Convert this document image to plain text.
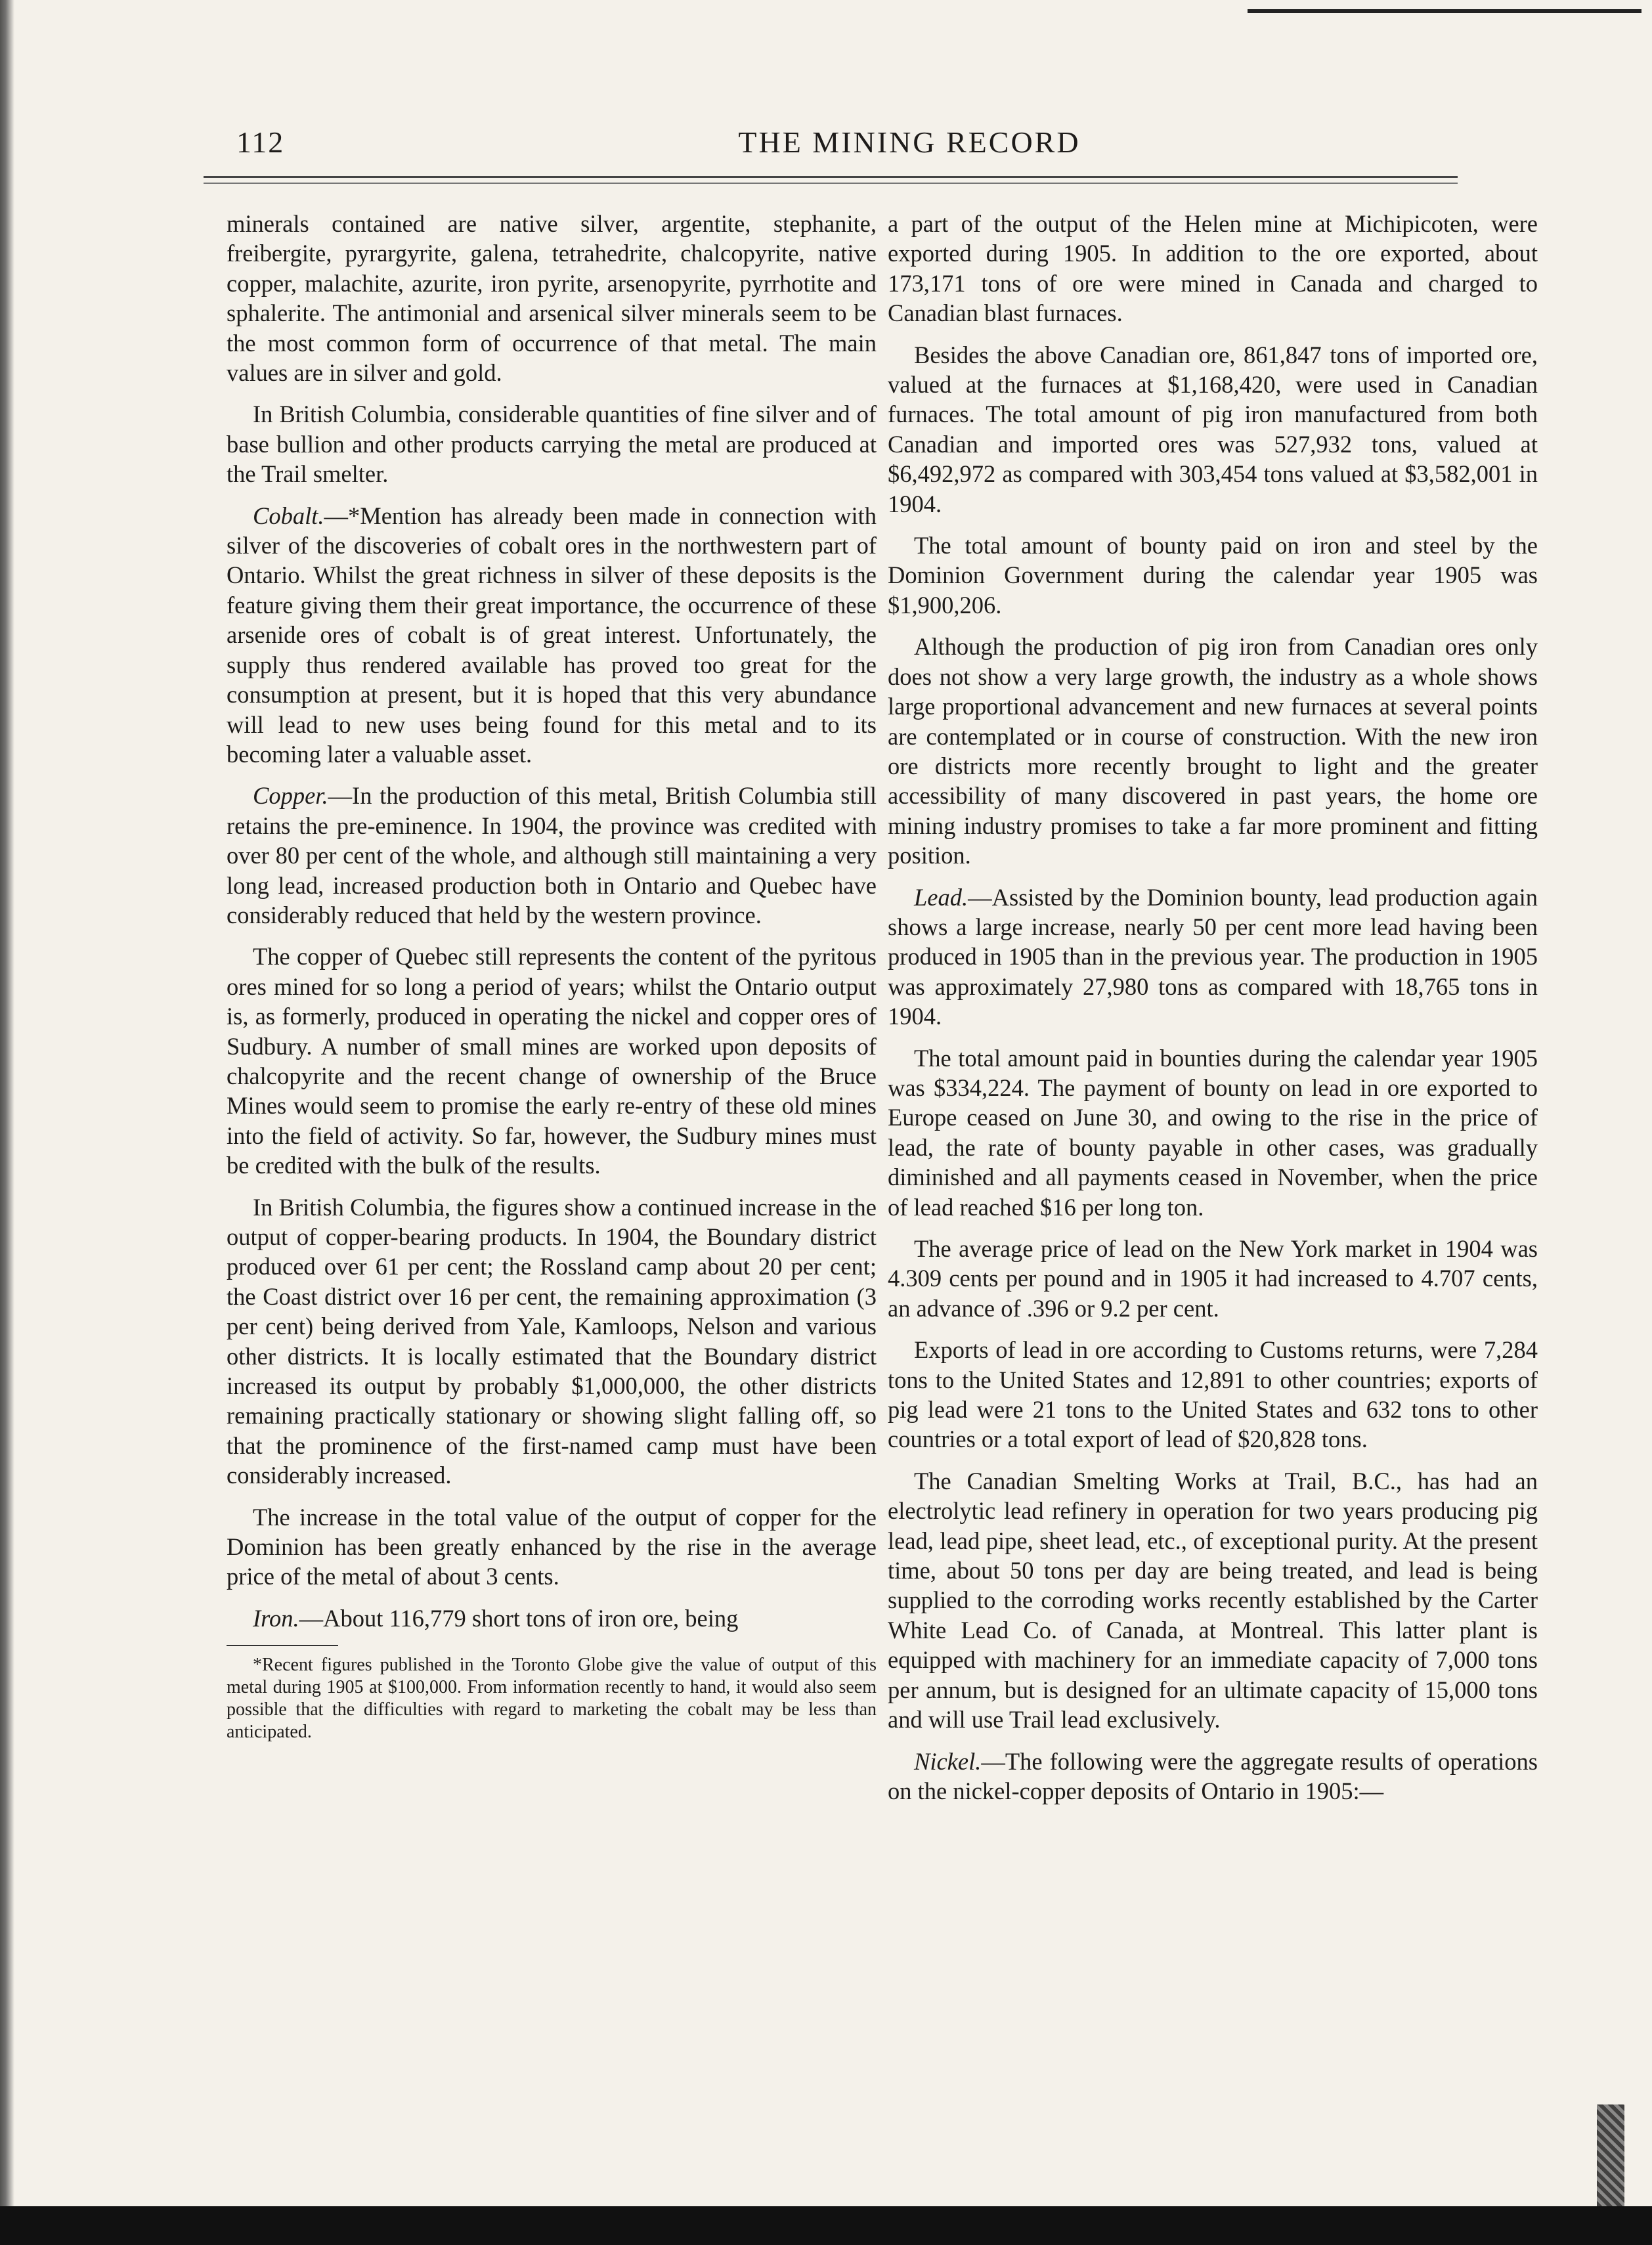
112	THE MINING RECORD

minerals contained are native silver, argentite, stephanite, freibergite, pyrargyrite, galena, tetrahedrite, chalcopyrite, native copper, malachite, azurite, iron pyrite, arsenopyrite, pyrrhotite and sphalerite. The antimonial and arsenical silver minerals seem to be the most common form of occurrence of that metal. The main values are in silver and gold.

In British Columbia, considerable quantities of fine silver and of base bullion and other products carrying the metal are produced at the Trail smelter.

Cobalt.—*Mention has already been made in connection with silver of the discoveries of cobalt ores in the northwestern part of Ontario. Whilst the great richness in silver of these deposits is the feature giving them their great importance, the occurrence of these arsenide ores of cobalt is of great interest. Unfortunately, the supply thus rendered available has proved too great for the consumption at present, but it is hoped that this very abundance will lead to new uses being found for this metal and to its becoming later a valuable asset.

Copper.—In the production of this metal, British Columbia still retains the pre-eminence. In 1904, the province was credited with over 80 per cent of the whole, and although still maintaining a very long lead, increased production both in Ontario and Quebec have considerably reduced that held by the western province.

The copper of Quebec still represents the content of the pyritous ores mined for so long a period of years; whilst the Ontario output is, as formerly, produced in operating the nickel and copper ores of Sudbury. A number of small mines are worked upon deposits of chalcopyrite and the recent change of ownership of the Bruce Mines would seem to promise the early re-entry of these old mines into the field of activity. So far, however, the Sudbury mines must be credited with the bulk of the results.

In British Columbia, the figures show a continued increase in the output of copper-bearing products. In 1904, the Boundary district produced over 61 per cent; the Rossland camp about 20 per cent; the Coast district over 16 per cent, the remaining approximation (3 per cent) being derived from Yale, Kamloops, Nelson and various other districts. It is locally estimated that the Boundary district increased its output by probably $1,000,000, the other districts remaining practically stationary or showing slight falling off, so that the prominence of the first-named camp must have been considerably increased.

The increase in the total value of the output of copper for the Dominion has been greatly enhanced by the rise in the average price of the metal of about 3 cents.

Iron.—About 116,779 short tons of iron ore, being

*Recent figures published in the Toronto Globe give the value of output of this metal during 1905 at $100,000. From information recently to hand, it would also seem possible that the difficulties with regard to marketing the cobalt may be less than anticipated.

a part of the output of the Helen mine at Michipicoten, were exported during 1905. In addition to the ore exported, about 173,171 tons of ore were mined in Canada and charged to Canadian blast furnaces.

Besides the above Canadian ore, 861,847 tons of imported ore, valued at the furnaces at $1,168,420, were used in Canadian furnaces. The total amount of pig iron manufactured from both Canadian and imported ores was 527,932 tons, valued at $6,492,972 as compared with 303,454 tons valued at $3,582,001 in 1904.

The total amount of bounty paid on iron and steel by the Dominion Government during the calendar year 1905 was $1,900,206.

Although the production of pig iron from Canadian ores only does not show a very large growth, the industry as a whole shows large proportional advancement and new furnaces at several points are contemplated or in course of construction. With the new iron ore districts more recently brought to light and the greater accessibility of many discovered in past years, the home ore mining industry promises to take a far more prominent and fitting position.

Lead.—Assisted by the Dominion bounty, lead production again shows a large increase, nearly 50 per cent more lead having been produced in 1905 than in the previous year. The production in 1905 was approximately 27,980 tons as compared with 18,765 tons in 1904.

The total amount paid in bounties during the calendar year 1905 was $334,224. The payment of bounty on lead in ore exported to Europe ceased on June 30, and owing to the rise in the price of lead, the rate of bounty payable in other cases, was gradually diminished and all payments ceased in November, when the price of lead reached $16 per long ton.

The average price of lead on the New York market in 1904 was 4.309 cents per pound and in 1905 it had increased to 4.707 cents, an advance of .396 or 9.2 per cent.

Exports of lead in ore according to Customs returns, were 7,284 tons to the United States and 12,891 to other countries; exports of pig lead were 21 tons to the United States and 632 tons to other countries or a total export of lead of $20,828 tons.

The Canadian Smelting Works at Trail, B.C., has had an electrolytic lead refinery in operation for two years producing pig lead, lead pipe, sheet lead, etc., of exceptional purity. At the present time, about 50 tons per day are being treated, and lead is being supplied to the corroding works recently established by the Carter White Lead Co. of Canada, at Montreal. This latter plant is equipped with machinery for an immediate capacity of 7,000 tons per annum, but is designed for an ultimate capacity of 15,000 tons and will use Trail lead exclusively.

Nickel.—The following were the aggregate results of operations on the nickel-copper deposits of Ontario in 1905:—
